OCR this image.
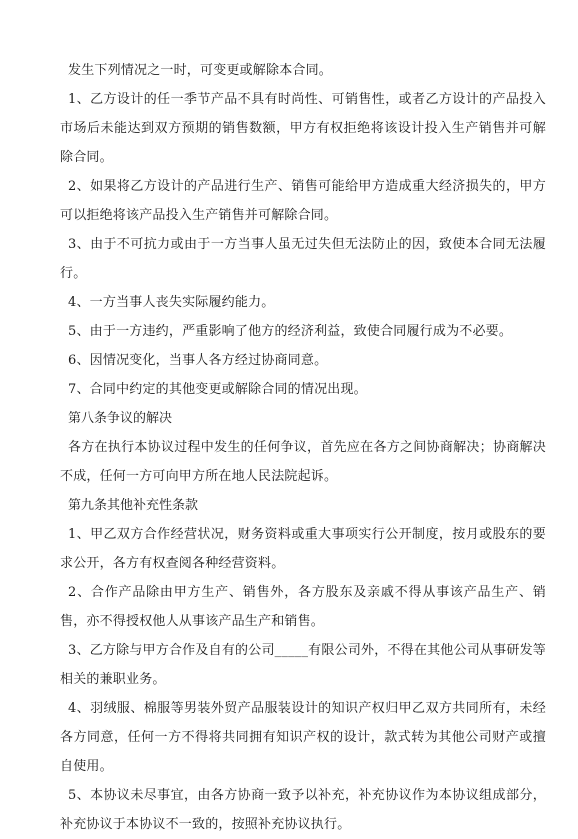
发生下列情况之一时，可变更或解除本合同。

1、乙方设计的任一季节产品不具有时尚性、可销售性，或者乙方设计的产品投入市场后未能达到双方预期的销售数额，甲方有权拒绝将该设计投入生产销售并可解除合同。

2、如果将乙方设计的产品进行生产、销售可能给甲方造成重大经济损失的，甲方可以拒绝将该产品投入生产销售并可解除合同。

3、由于不可抗力或由于一方当事人虽无过失但无法防止的因，致使本合同无法履行。

4、一方当事人丧失实际履约能力。

5、由于一方违约，严重影响了他方的经济利益，致使合同履行成为不必要。

6、因情况变化，当事人各方经过协商同意。

7、合同中约定的其他变更或解除合同的情况出现。

第八条争议的解决

各方在执行本协议过程中发生的任何争议，首先应在各方之间协商解决；协商解决不成，任何一方可向甲方所在地人民法院起诉。

第九条其他补充性条款

1、甲乙双方合作经营状况，财务资料或重大事项实行公开制度，按月或股东的要求公开，各方有权查阅各种经营资料。

2、合作产品除由甲方生产、销售外，各方股东及亲戚不得从事该产品生产、销售，亦不得授权他人从事该产品生产和销售。

3、乙方除与甲方合作及自有的公司_____有限公司外，不得在其他公司从事研发等相关的兼职业务。

4、羽绒服、棉服等男装外贸产品服装设计的知识产权归甲乙双方共同所有，未经各方同意，任何一方不得将共同拥有知识产权的设计，款式转为其他公司财产或擅自使用。

5、本协议未尽事宜，由各方协商一致予以补充，补充协议作为本协议组成部分，补充协议于本协议不一致的，按照补充协议执行。
